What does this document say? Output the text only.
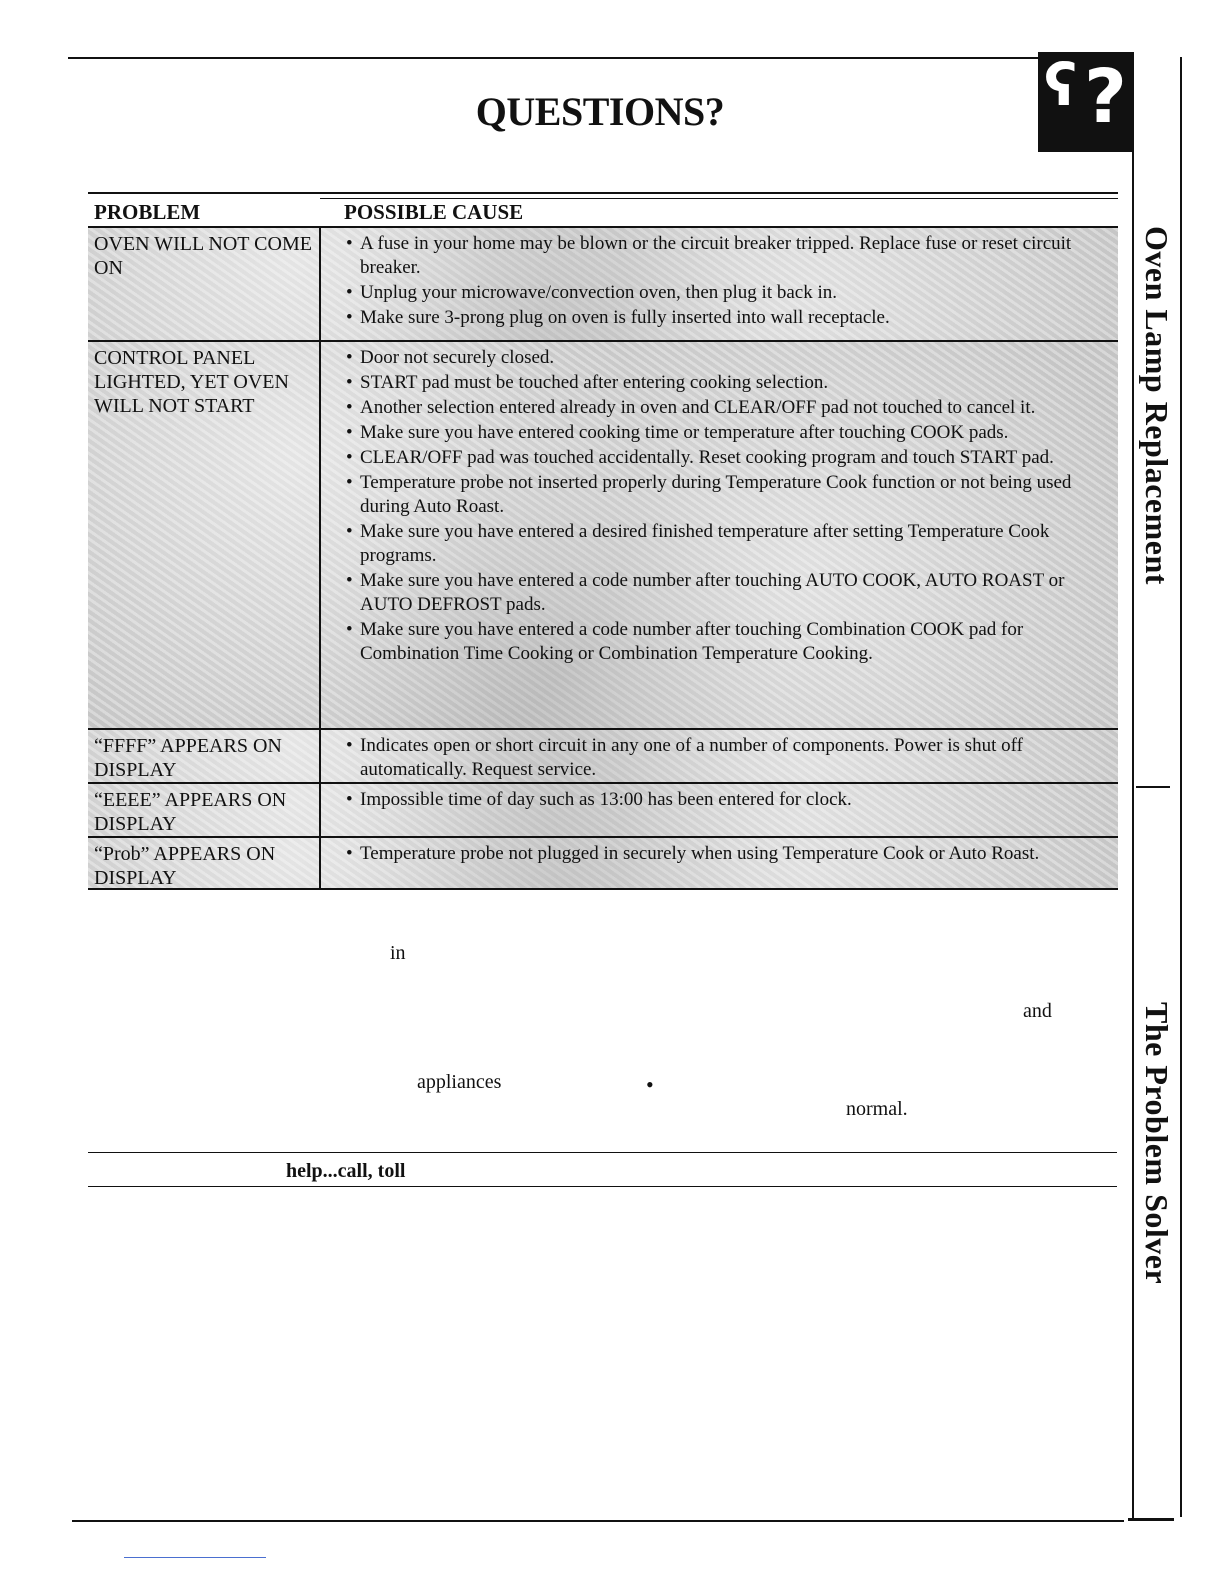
QUESTIONS?	ʕ ?
Oven Lamp Replacement
The Problem Solver
PROBLEM	POSSIBLE CAUSE
OVEN WILL NOT COME ON
• A fuse in your home may be blown or the circuit breaker tripped. Replace fuse or reset circuit breaker.
• Unplug your microwave/convection oven, then plug it back in.
• Make sure 3-prong plug on oven is fully inserted into wall receptacle.
CONTROL PANEL LIGHTED, YET OVEN WILL NOT START
• Door not securely closed.
• START pad must be touched after entering cooking selection.
• Another selection entered already in oven and CLEAR/OFF pad not touched to cancel it.
• Make sure you have entered cooking time or temperature after touching COOK pads.
• CLEAR/OFF pad was touched accidentally. Reset cooking program and touch START pad.
• Temperature probe not inserted properly during Temperature Cook function or not being used during Auto Roast.
• Make sure you have entered a desired finished temperature after setting Temperature Cook programs.
• Make sure you have entered a code number after touching AUTO COOK, AUTO ROAST or AUTO DEFROST pads.
• Make sure you have entered a code number after touching Combination COOK pad for Combination Time Cooking or Combination Temperature Cooking.
“FFFF” APPEARS ON DISPLAY
• Indicates open or short circuit in any one of a number of components. Power is shut off automatically. Request service.
“EEEE” APPEARS ON DISPLAY
• Impossible time of day such as 13:00 has been entered for clock.
“Prob” APPEARS ON DISPLAY
• Temperature probe not plugged in securely when using Temperature Cook or Auto Roast.
in
and
appliances	•
normal.
help...call, toll
